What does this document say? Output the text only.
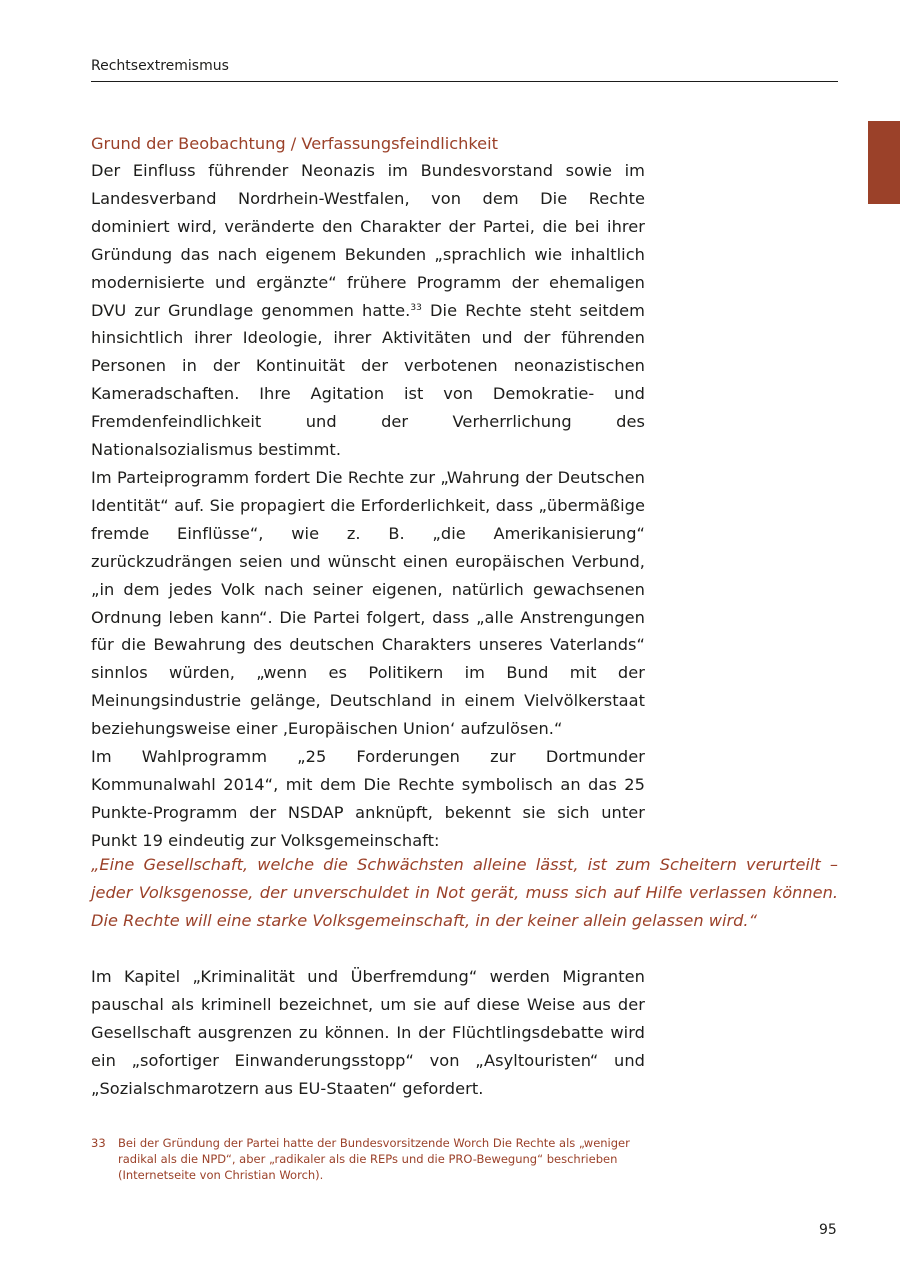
Rechtsextremismus
Grund der Beobachtung / Verfassungsfeindlichkeit

Der Einfluss führender Neonazis im Bundesvorstand sowie im Landesverband Nordrhein-Westfalen, von dem Die Rechte dominiert wird, veränderte den Charakter der Partei, die bei ihrer Gründung das nach eigenem Bekunden „sprachlich wie inhaltlich modernisierte und ergänzte“ frühere Programm der ehemaligen DVU zur Grundlage genommen hatte.$^{33}$ Die Rechte steht seitdem hinsichtlich ihrer Ideologie, ihrer Aktivitäten und der führenden Personen in der Kontinuität der verbotenen neonazistischen Kameradschaften. Ihre Agitation ist von Demokratie- und Fremdenfeindlichkeit und der Verherrlichung des Nationalsozialismus bestimmt.

Im Parteiprogramm fordert Die Rechte zur „Wahrung der Deutschen Identität“ auf. Sie propagiert die Erforderlichkeit, dass „übermäßige fremde Einflüsse“, wie z. B. „die Amerikanisierung“ zurückzudrängen seien und wünscht einen europäischen Verbund, „in dem jedes Volk nach seiner eigenen, natürlich gewachsenen Ordnung leben kann“. Die Partei folgert, dass „alle Anstrengungen für die Bewahrung des deutschen Charakters unseres Vaterlands“ sinnlos würden, „wenn es Politikern im Bund mit der Meinungsindustrie gelänge, Deutschland in einem Vielvölkerstaat beziehungsweise einer ‚Europäischen Union‘ aufzulösen.“

Im Wahlprogramm „25 Forderungen zur Dortmunder Kommunalwahl 2014“, mit dem Die Rechte symbolisch an das 25 Punkte-Programm der NSDAP anknüpft, bekennt sie sich unter Punkt 19 eindeutig zur Volksgemeinschaft:

„Eine Gesellschaft, welche die Schwächsten alleine lässt, ist zum Scheitern verurteilt – jeder Volksgenosse, der unverschuldet in Not gerät, muss sich auf Hilfe verlassen können. Die Rechte will eine starke Volksgemeinschaft, in der keiner allein gelassen wird.“

Im Kapitel „Kriminalität und Überfremdung“ werden Migranten pauschal als kriminell bezeichnet, um sie auf diese Weise aus der Gesellschaft ausgrenzen zu können. In der Flüchtlingsdebatte wird ein „sofortiger Einwanderungsstopp“ von „Asyltouristen“ und „Sozialschmarotzern aus EU-Staaten“ gefordert.

33	Bei der Gründung der Partei hatte der Bundesvorsitzende Worch Die Rechte als „weniger radikal als die NPD“, aber „radikaler als die REPs und die PRO-Bewegung“ beschrieben (Internetseite von Christian Worch).
95
